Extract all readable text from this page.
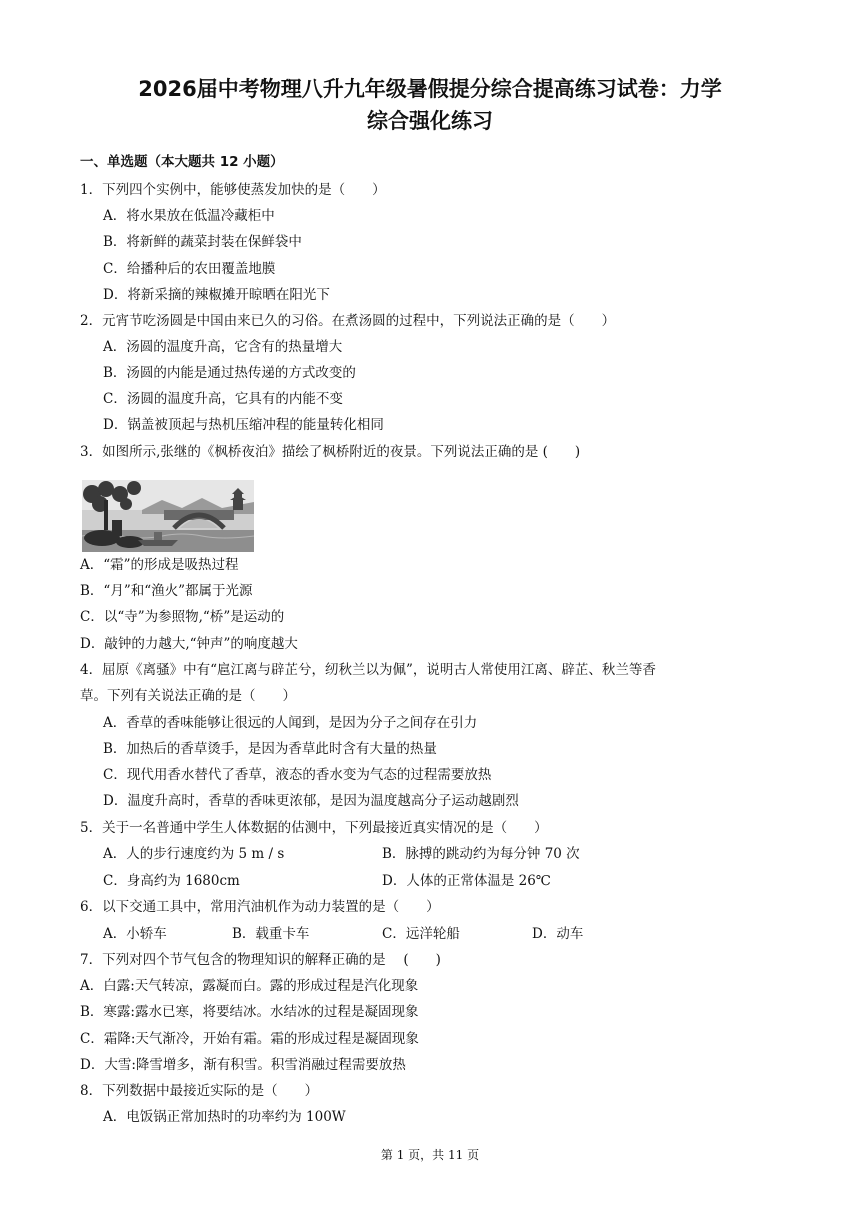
2026届中考物理八升九年级暑假提分综合提高练习试卷：力学
综合强化练习
一、单选题（本大题共 12 小题）
1．下列四个实例中，能够使蒸发加快的是（　　）
A．将水果放在低温冷藏柜中
B．将新鲜的蔬菜封装在保鲜袋中
C．给播种后的农田覆盖地膜
D．将新采摘的辣椒摊开晾晒在阳光下
2．元宵节吃汤圆是中国由来已久的习俗。在煮汤圆的过程中，下列说法正确的是（　　）
A．汤圆的温度升高，它含有的热量增大
B．汤圆的内能是通过热传递的方式改变的
C．汤圆的温度升高，它具有的内能不变
D．锅盖被顶起与热机压缩冲程的能量转化相同
3．如图所示,张继的《枫桥夜泊》描绘了枫桥附近的夜景。下列说法正确的是 (　　)
A．“霜”的形成是吸热过程
B．“月”和“渔火”都属于光源
C．以“寺”为参照物,“桥”是运动的
D．敲钟的力越大,“钟声”的响度越大
4．屈原《离骚》中有“扈江离与辟芷兮，纫秋兰以为佩”，说明古人常使用江离、辟芷、秋兰等香
草。下列有关说法正确的是（　　）
A．香草的香味能够让很远的人闻到，是因为分子之间存在引力
B．加热后的香草烫手，是因为香草此时含有大量的热量
C．现代用香水替代了香草，液态的香水变为气态的过程需要放热
D．温度升高时，香草的香味更浓郁，是因为温度越高分子运动越剧烈
5．关于一名普通中学生人体数据的估测中，下列最接近真实情况的是（　　）
A．人的步行速度约为 5 m / s	B．脉搏的跳动约为每分钟 70 次
C．身高约为 1680cm	D．人体的正常体温是 26℃
6．以下交通工具中，常用汽油机作为动力装置的是（　　）
A．小轿车	B．载重卡车	C．远洋轮船	D．动车
7．下列对四个节气包含的物理知识的解释正确的是　 (　　)
A．白露:天气转凉，露凝而白。露的形成过程是汽化现象
B．寒露:露水已寒，将要结冰。水结冰的过程是凝固现象
C．霜降:天气渐冷，开始有霜。霜的形成过程是凝固现象
D．大雪:降雪增多，渐有积雪。积雪消融过程需要放热
8．下列数据中最接近实际的是（　　）
A．电饭锅正常加热时的功率约为 100W
第 1 页，共 11 页
